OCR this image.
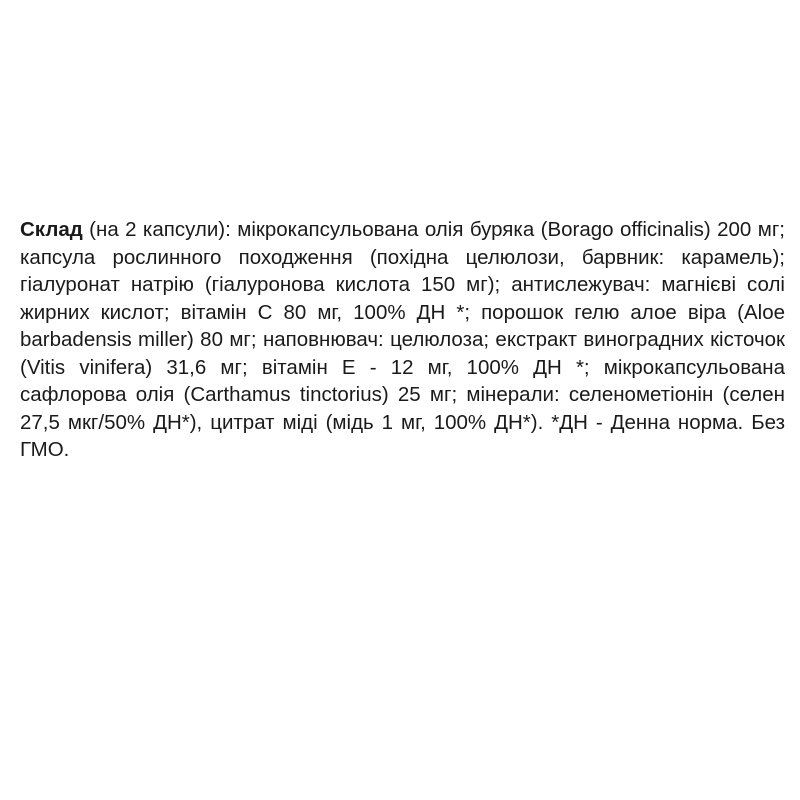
Склад (на 2 капсули): мікрокапсульована олія буряка (Borago officinalis) 200 мг; капсула рослинного походження (похідна целюлози, барвник: карамель); гіалуронат натрію (гіалуронова кислота 150 мг); антислежувач: магнієві солі жирних кислот; вітамін С 80 мг, 100% ДН *; порошок гелю алое віра (Aloe barbadensis miller) 80 мг; наповнювач: целюлоза; екстракт виноградних кісточок (Vitis vinifera) 31,6 мг; вітамін Е - 12 мг, 100% ДН *; мікрокапсульована сафлорова олія (Carthamus tinctorius) 25 мг; мінерали: селенометіонін (селен 27,5 мкг/50% ДН*), цитрат міді (мідь 1 мг, 100% ДН*). *ДН - Денна норма. Без ГМО.
